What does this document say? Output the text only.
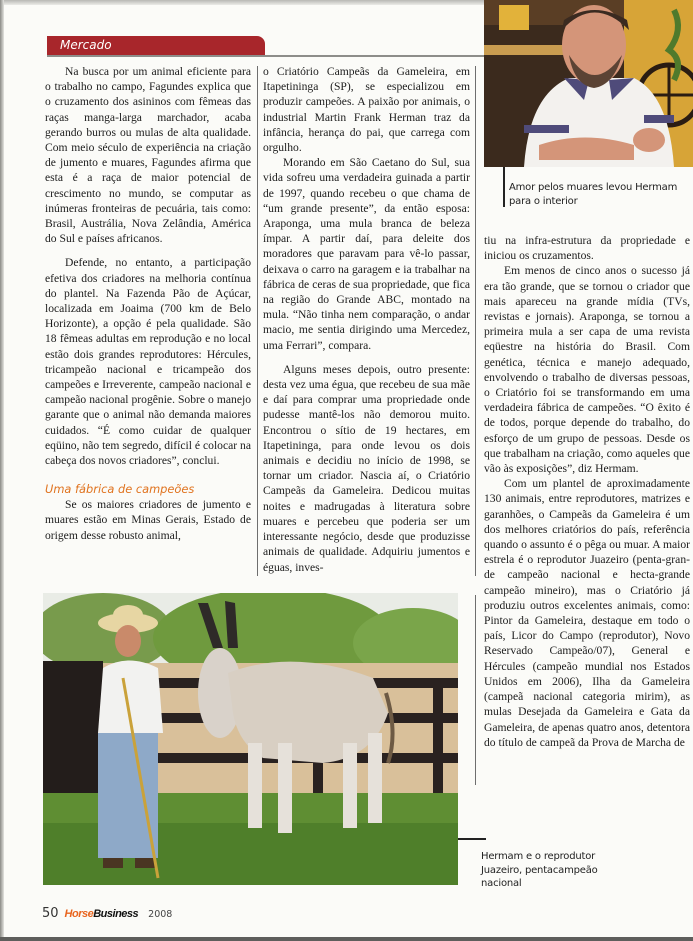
Mercado

Na busca por um animal eficiente para o trabalho no campo, Fagundes explica que o cruzamento dos asininos com fêmeas das raças manga-larga marchador, acaba gerando burros ou mulas de alta qualidade. Com meio século de experiência na criação de jumento e muares, Fagundes afirma que esta é a raça de maior potencial de crescimento no mundo, se computar as inúmeras fronteiras de pecuária, tais como: Brasil, Austrália, Nova Zelândia, América do Sul e países africanos.

Defende, no entanto, a participação efetiva dos criadores na melhoria contínua do plantel. Na Fazenda Pão de Açúcar, localizada em Joaima (700 km de Belo Horizonte), a opção é pela qualidade. São 18 fêmeas adultas em reprodução e no local estão dois grandes reprodutores: Hércules, tricampeão nacional e tricampeão dos campeões e Irreverente, campeão nacional e campeão nacional progênie. Sobre o manejo garante que o animal não demanda maiores cuidados. “É como cuidar de qualquer eqüino, não tem segredo, difícil é colocar na cabeça dos novos criadores”, conclui.

Uma fábrica de campeões

Se os maiores criadores de jumento e muares estão em Minas Gerais, Estado de origem desse robusto animal,

o Criatório Campeãs da Gameleira, em Itapetininga (SP), se especializou em produzir campeões. A paixão por animais, o industrial Martin Frank Herman traz da infância, herança do pai, que carrega com orgulho.

Morando em São Caetano do Sul, sua vida sofreu uma verdadeira guinada a partir de 1997, quando recebeu o que chama de “um grande presente”, da então esposa: Araponga, uma mula branca de beleza ímpar. A partir daí, para deleite dos moradores que paravam para vê-lo passar, deixava o carro na garagem e ia trabalhar na fábrica de ceras de sua propriedade, que fica na região do Grande ABC, montado na mula. “Não tinha nem comparação, o andar macio, me sentia dirigindo uma Mercedez, uma Ferrari”, compara.

Alguns meses depois, outro presente: desta vez uma égua, que recebeu de sua mãe e daí para comprar uma propriedade onde pudesse mantê-los não demorou muito. Encontrou o sítio de 19 hectares, em Itapetininga, para onde levou os dois animais e decidiu no início de 1998, se tornar um criador. Nascia aí, o Criatório Campeãs da Gameleira. Dedicou muitas noites e madrugadas à literatura sobre muares e percebeu que poderia ser um interessante negócio, desde que produzisse animais de qualidade. Adquiriu jumentos e éguas, inves-

Amor pelos muares levou Hermam para o interior

tiu na infra-estrutura da propriedade e iniciou os cruzamentos.

Em menos de cinco anos o sucesso já era tão grande, que se tornou o criador que mais apareceu na grande mídia (TVs, revistas e jornais). Araponga, se tornou a primeira mula a ser capa de uma revista eqüestre na história do Brasil. Com genética, técnica e manejo adequado, envolvendo o trabalho de diversas pessoas, o Criatório foi se transformando em uma verdadeira fábrica de campeões. “O êxito é de todos, porque depende do trabalho, do esforço de um grupo de pessoas. Desde os que trabalham na criação, como aqueles que vão às exposições”, diz Hermam.

Com um plantel de aproximadamente 130 animais, entre reprodutores, matrizes e garanhões, o Campeãs da Gameleira é um dos melhores criatórios do país, referência quando o assunto é o pêga ou muar. A maior estrela é o reprodutor Juazeiro (penta-grande campeão nacional e hecta-grande campeão mineiro), mas o Criatório já produziu outros excelentes animais, como: Pintor da Gameleira, destaque em todo o país, Licor do Campo (reprodutor), Novo Reservado Campeão/07), General e Hércules (campeão mundial nos Estados Unidos em 2006), Ilha da Gameleira (campeã nacional categoria mirim), as mulas Desejada da Gameleira e Gata da Gameleira, de apenas quatro anos, detentora do título de campeã da Prova de Marcha de

Hermam e o reprodutor Juazeiro, pentacampeão nacional
50 HorseBusiness 2008
